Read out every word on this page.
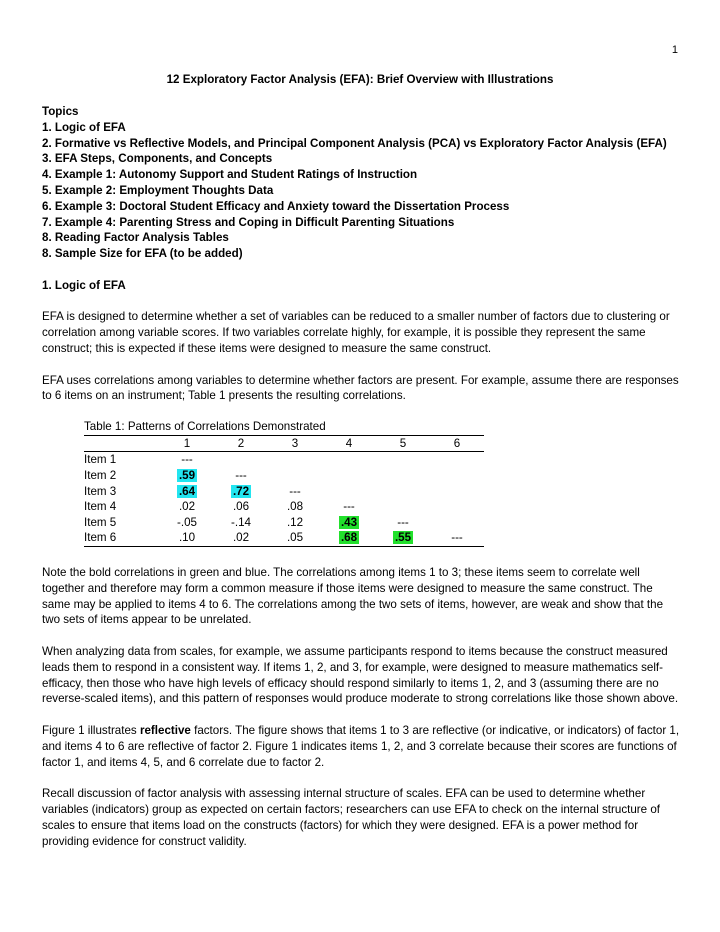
1
12 Exploratory Factor Analysis (EFA): Brief Overview with Illustrations
Topics
1. Logic of EFA
2. Formative vs Reflective Models, and Principal Component Analysis (PCA) vs Exploratory Factor Analysis (EFA)
3. EFA Steps, Components, and Concepts
4. Example 1: Autonomy Support and Student Ratings of Instruction
5. Example 2: Employment Thoughts Data
6. Example 3: Doctoral Student Efficacy and Anxiety toward the Dissertation Process
7. Example 4: Parenting Stress and Coping in Difficult Parenting Situations
8. Reading Factor Analysis Tables
8. Sample Size for EFA (to be added)
1. Logic of EFA

EFA is designed to determine whether a set of variables can be reduced to a smaller number of factors due to clustering or correlation among variable scores. If two variables correlate highly, for example, it is possible they represent the same construct; this is expected if these items were designed to measure the same construct.

EFA uses correlations among variables to determine whether factors are present. For example, assume there are responses to 6 items on an instrument; Table 1 presents the resulting correlations.

Table 1: Patterns of Correlations Demonstrated
	1	2	3	4	5	6
Item 1	---					
Item 2	.59	---				
Item 3	.64	.72	---			
Item 4	.02	.06	.08	---		
Item 5	-.05	-.14	.12	.43	---	
Item 6	.10	.02	.05	.68	.55	---

Note the bold correlations in green and blue. The correlations among items 1 to 3; these items seem to correlate well together and therefore may form a common measure if those items were designed to measure the same construct. The same may be applied to items 4 to 6. The correlations among the two sets of items, however, are weak and show that the two sets of items appear to be unrelated.

When analyzing data from scales, for example, we assume participants respond to items because the construct measured leads them to respond in a consistent way. If items 1, 2, and 3, for example, were designed to measure mathematics self-efficacy, then those who have high levels of efficacy should respond similarly to items 1, 2, and 3 (assuming there are no reverse-scaled items), and this pattern of responses would produce moderate to strong correlations like those shown above.

Figure 1 illustrates reflective factors. The figure shows that items 1 to 3 are reflective (or indicative, or indicators) of factor 1, and items 4 to 6 are reflective of factor 2. Figure 1 indicates items 1, 2, and 3 correlate because their scores are functions of factor 1, and items 4, 5, and 6 correlate due to factor 2.

Recall discussion of factor analysis with assessing internal structure of scales. EFA can be used to determine whether variables (indicators) group as expected on certain factors; researchers can use EFA to check on the internal structure of scales to ensure that items load on the constructs (factors) for which they were designed. EFA is a power method for providing evidence for construct validity.
